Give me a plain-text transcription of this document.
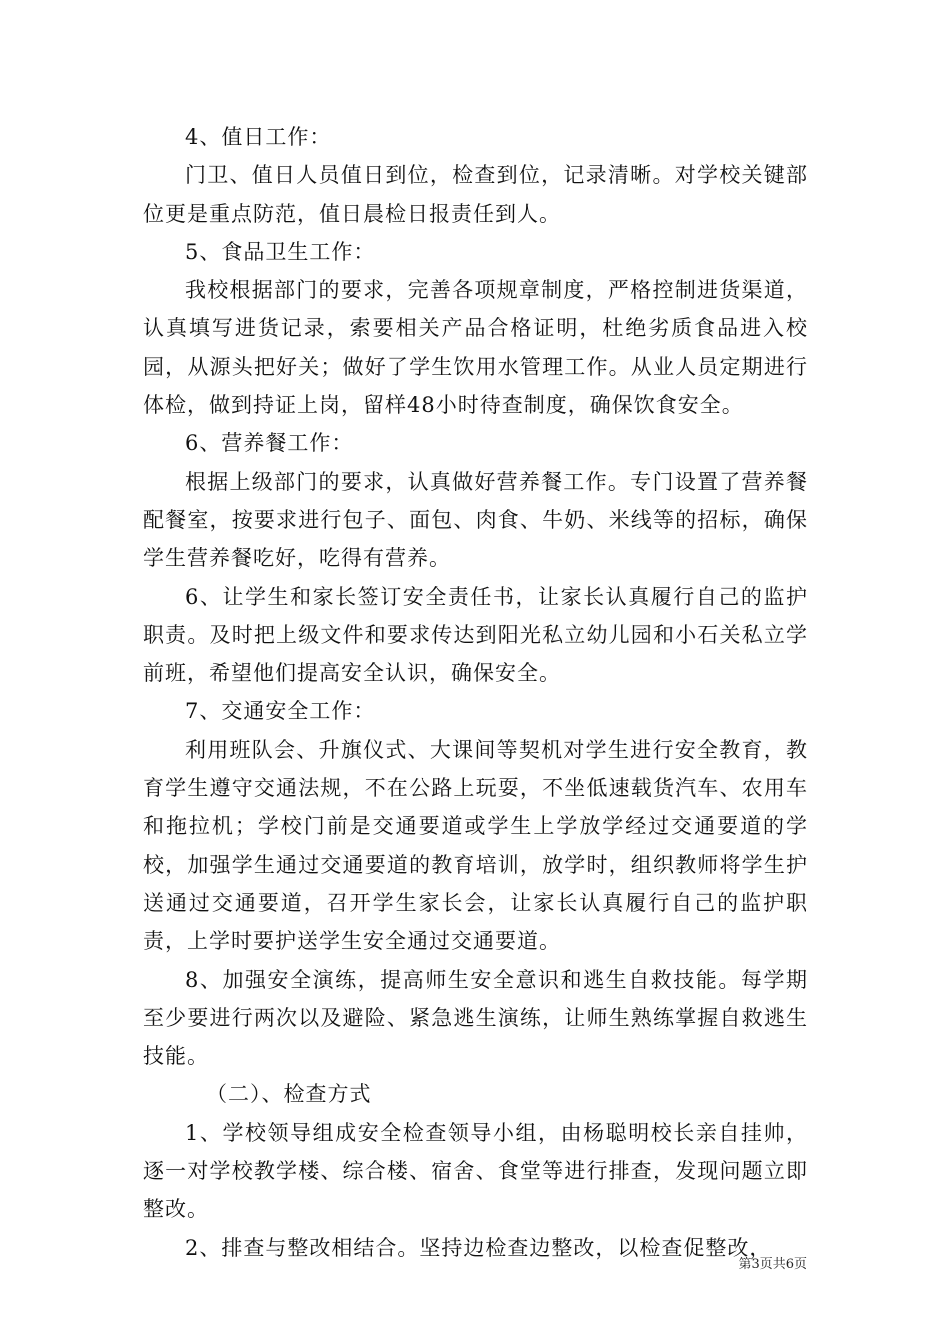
4、值日工作：

门卫、值日人员值日到位，检查到位，记录清晰。对学校关键部位更是重点防范，值日晨检日报责任到人。

5、食品卫生工作：

我校根据部门的要求，完善各项规章制度，严格控制进货渠道，认真填写进货记录，索要相关产品合格证明，杜绝劣质食品进入校园，从源头把好关；做好了学生饮用水管理工作。从业人员定期进行体检，做到持证上岗，留样48小时待查制度，确保饮食安全。

6、营养餐工作：

根据上级部门的要求，认真做好营养餐工作。专门设置了营养餐配餐室，按要求进行包子、面包、肉食、牛奶、米线等的招标，确保学生营养餐吃好，吃得有营养。

6、让学生和家长签订安全责任书，让家长认真履行自己的监护职责。及时把上级文件和要求传达到阳光私立幼儿园和小石关私立学前班，希望他们提高安全认识，确保安全。

7、交通安全工作：

利用班队会、升旗仪式、大课间等契机对学生进行安全教育，教育学生遵守交通法规，不在公路上玩耍，不坐低速载货汽车、农用车和拖拉机；学校门前是交通要道或学生上学放学经过交通要道的学校，加强学生通过交通要道的教育培训，放学时，组织教师将学生护送通过交通要道，召开学生家长会，让家长认真履行自己的监护职责，上学时要护送学生安全通过交通要道。

8、加强安全演练，提高师生安全意识和逃生自救技能。每学期至少要进行两次以及避险、紧急逃生演练，让师生熟练掌握自救逃生技能。

（二）、检查方式

1、学校领导组成安全检查领导小组，由杨聪明校长亲自挂帅，逐一对学校教学楼、综合楼、宿舍、食堂等进行排查，发现问题立即整改。

2、排查与整改相结合。坚持边检查边整改，以检查促整改，

第3页共6页
